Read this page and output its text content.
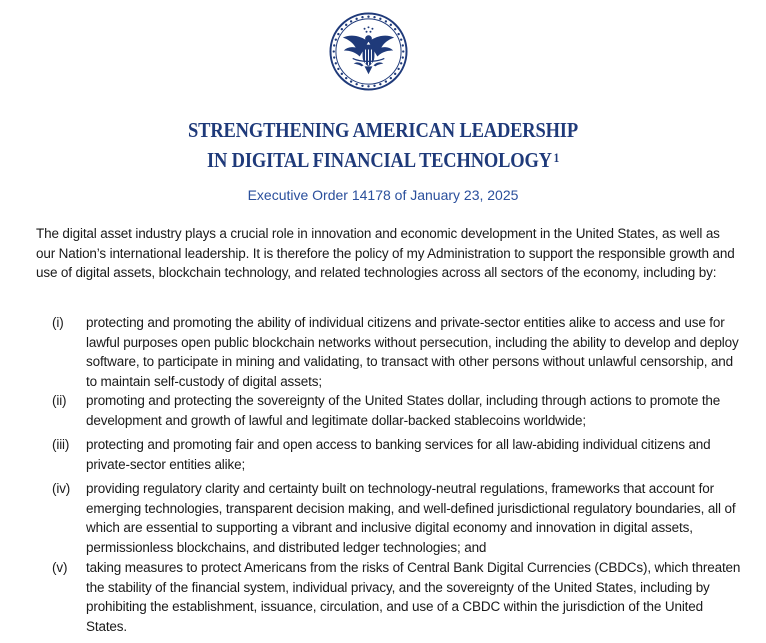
STRENGTHENING AMERICAN LEADERSHIP
IN DIGITAL FINANCIAL TECHNOLOGY $^1$
Executive Order 14178 of January 23, 2025

The digital asset industry plays a crucial role in innovation and economic development in the United States, as well as our Nation’s international leadership. It is therefore the policy of my Administration to support the responsible growth and use of digital assets, blockchain technology, and related technologies across all sectors of the economy, including by:

(i)	protecting and promoting the ability of individual citizens and private-sector entities alike to access and use for lawful purposes open public blockchain networks without persecution, including the ability to develop and deploy software, to participate in mining and validating, to transact with other persons without unlawful censorship, and to maintain self-custody of digital assets;
(ii)	promoting and protecting the sovereignty of the United States dollar, including through actions to promote the development and growth of lawful and legitimate dollar-backed stablecoins worldwide;
(iii)	protecting and promoting fair and open access to banking services for all law-abiding individual citizens and private-sector entities alike;
(iv)	providing regulatory clarity and certainty built on technology-neutral regulations, frameworks that account for emerging technologies, transparent decision making, and well-defined jurisdictional regulatory boundaries, all of which are essential to supporting a vibrant and inclusive digital economy and innovation in digital assets, permissionless blockchains, and distributed ledger technologies; and
(v)	taking measures to protect Americans from the risks of Central Bank Digital Currencies (CBDCs), which threaten the stability of the financial system, individual privacy, and the sovereignty of the United States, including by prohibiting the establishment, issuance, circulation, and use of a CBDC within the jurisdiction of the United States.
